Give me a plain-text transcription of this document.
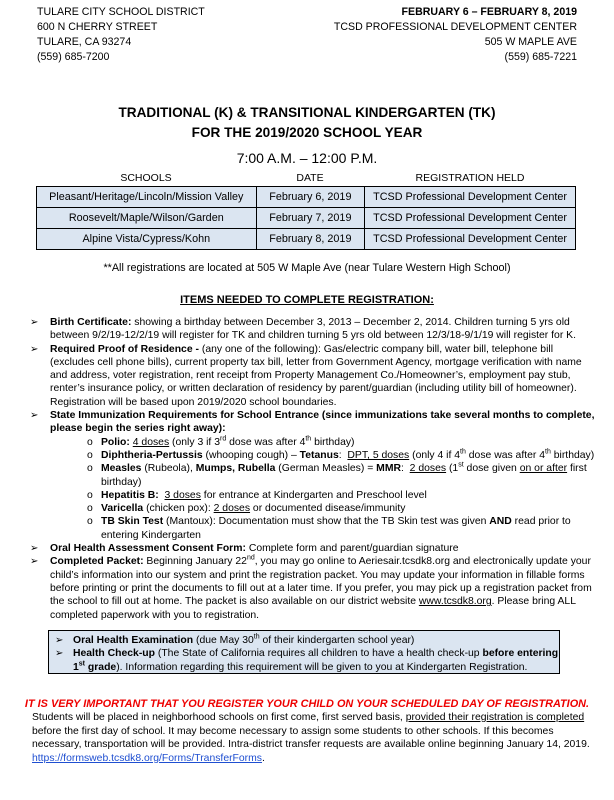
TULARE CITY SCHOOL DISTRICT
600 N CHERRY STREET
TULARE, CA 93274
(559) 685-7200
FEBRUARY 6 – FEBRUARY 8, 2019
TCSD PROFESSIONAL DEVELOPMENT CENTER
505 W MAPLE AVE
(559) 685-7221
TRADITIONAL (K) & TRANSITIONAL KINDERGARTEN (TK)
FOR THE 2019/2020 SCHOOL YEAR
7:00 A.M. – 12:00 P.M.
SCHOOLS	DATE	REGISTRATION HELD
Pleasant/Heritage/Lincoln/Mission Valley	February 6, 2019	TCSD Professional Development Center
Roosevelt/Maple/Wilson/Garden	February 7, 2019	TCSD Professional Development Center
Alpine Vista/Cypress/Kohn	February 8, 2019	TCSD Professional Development Center
**All registrations are located at 505 W Maple Ave (near Tulare Western High School)
ITEMS NEEDED TO COMPLETE REGISTRATION:
➢ Birth Certificate: showing a birthday between December 3, 2013 – December 2, 2014. Children turning 5 yrs old between 9/2/19-12/2/19 will register for TK and children turning 5 yrs old between 12/3/18-9/1/19 will register for K.
➢ Required Proof of Residence - (any one of the following): Gas/electric company bill, water bill, telephone bill (excludes cell phone bills), current property tax bill, letter from Government Agency, mortgage verification with name and address, voter registration, rent receipt from Property Management Co./Homeowner’s, employment pay stub, renter’s insurance policy, or written declaration of residency by parent/guardian (including utility bill of homeowner). Registration will be based upon 2019/2020 school boundaries.
➢ State Immunization Requirements for School Entrance (since immunizations take several months to complete, please begin the series right away):
o Polio: 4 doses (only 3 if 3rd dose was after 4th birthday)
o Diphtheria-Pertussis (whooping cough) – Tetanus:  DPT, 5 doses (only 4 if 4th dose was after 4th birthday)
o Measles (Rubeola), Mumps, Rubella (German Measles) = MMR:  2 doses (1st dose given on or after first birthday)
o Hepatitis B: 3 doses for entrance at Kindergarten and Preschool level
o Varicella (chicken pox): 2 doses or documented disease/immunity
o TB Skin Test (Mantoux): Documentation must show that the TB Skin test was given AND read prior to entering Kindergarten
➢ Oral Health Assessment Consent Form: Complete form and parent/guardian signature
➢ Completed Packet: Beginning January 22nd, you may go online to Aeriesair.tcsdk8.org and electronically update your child’s information into our system and print the registration packet. You may update your information in fillable forms before printing or print the documents to fill out at a later time. If you prefer, you may pick up a registration packet from the school to fill out at home. The packet is also available on our district website www.tcsdk8.org. Please bring ALL completed paperwork with you to registration.
➢ Oral Health Examination (due May 30th of their kindergarten school year)
➢ Health Check-up (The State of California requires all children to have a health check-up before entering 1st grade). Information regarding this requirement will be given to you at Kindergarten Registration.
IT IS VERY IMPORTANT THAT YOU REGISTER YOUR CHILD ON YOUR SCHEDULED DAY OF REGISTRATION.
Students will be placed in neighborhood schools on first come, first served basis, provided their registration is completed before the first day of school. It may become necessary to assign some students to other schools. If this becomes necessary, transportation will be provided. Intra-district transfer requests are available online beginning January 14, 2019. https://formsweb.tcsdk8.org/Forms/TransferForms.
